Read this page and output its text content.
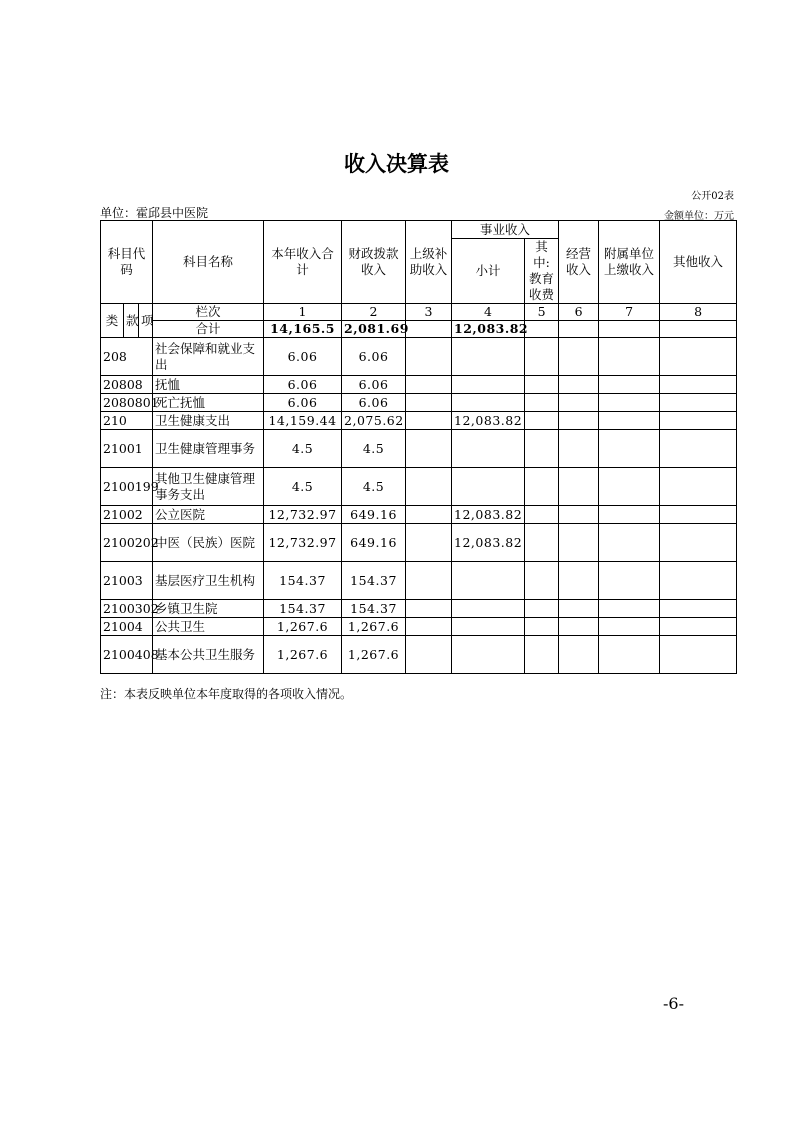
收入决算表
公开02表
单位：霍邱县中医院	金额单位：万元
科目代码			科目名称	本年收入合计	财政拨款收入	上级补助收入	事业收入		经营收入	附属单位上缴收入	其他收入
							小计	其中:教育收费			

类	款	项	栏次	1	2	3	4	5	6	7	8
			合计	14,165.5	2,081.69		12,083.82				
208			社会保障和就业支出	6.06	6.06						
20808			抚恤	6.06	6.06						
2080801			死亡抚恤	6.06	6.06						
210			卫生健康支出	14,159.44	2,075.62		12,083.82				
21001			卫生健康管理事务	4.5	4.5						
2100199			其他卫生健康管理事务支出	4.5	4.5						
21002			公立医院	12,732.97	649.16		12,083.82				
2100202			中医（民族）医院	12,732.97	649.16		12,083.82				
21003			基层医疗卫生机构	154.37	154.37						
2100302			乡镇卫生院	154.37	154.37						
21004			公共卫生	1,267.6	1,267.6						
2100408			基本公共卫生服务	1,267.6	1,267.6						
注：本表反映单位本年度取得的各项收入情况。
-6-
